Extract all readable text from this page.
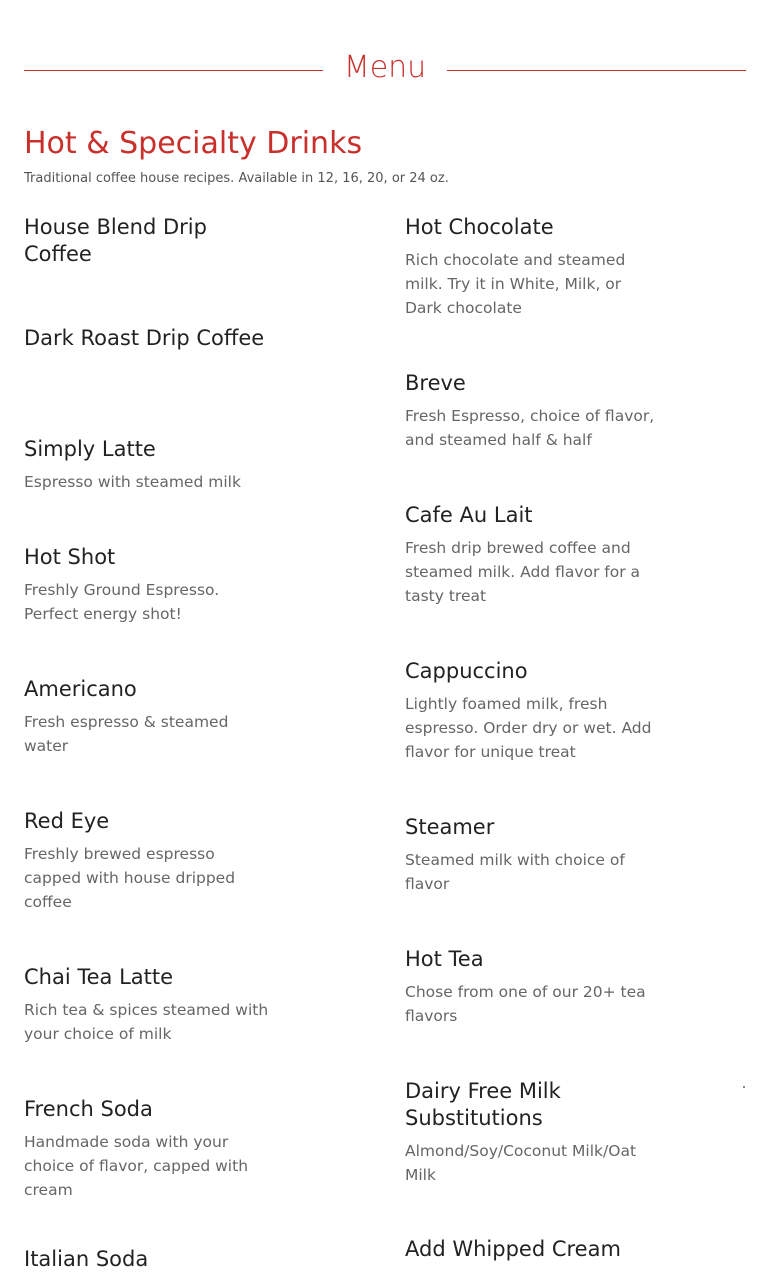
Menu
Hot & Specialty Drinks

Traditional coffee house recipes. Available in 12, 16, 20, or 24 oz.

House Blend Drip Coffee
Dark Roast Drip Coffee
Simply Latte

Espresso with steamed milk

Hot Shot

Freshly Ground Espresso. Perfect energy shot!

Americano

Fresh espresso & steamed water

Red Eye

Freshly brewed espresso capped with house dripped coffee

Chai Tea Latte

Rich tea & spices steamed with your choice of milk

French Soda

Handmade soda with your choice of flavor, capped with cream

Italian Soda
Hot Chocolate

Rich chocolate and steamed milk. Try it in White, Milk, or Dark chocolate

Breve

Fresh Espresso, choice of flavor, and steamed half & half

Cafe Au Lait

Fresh drip brewed coffee and steamed milk. Add flavor for a tasty treat

Cappuccino

Lightly foamed milk, fresh espresso. Order dry or wet. Add flavor for unique treat

Steamer

Steamed milk with choice of flavor

Hot Tea

Chose from one of our 20+ tea flavors

Dairy Free Milk Substitutions

Almond/Soy/Coconut Milk/Oat Milk

Add Whipped Cream
